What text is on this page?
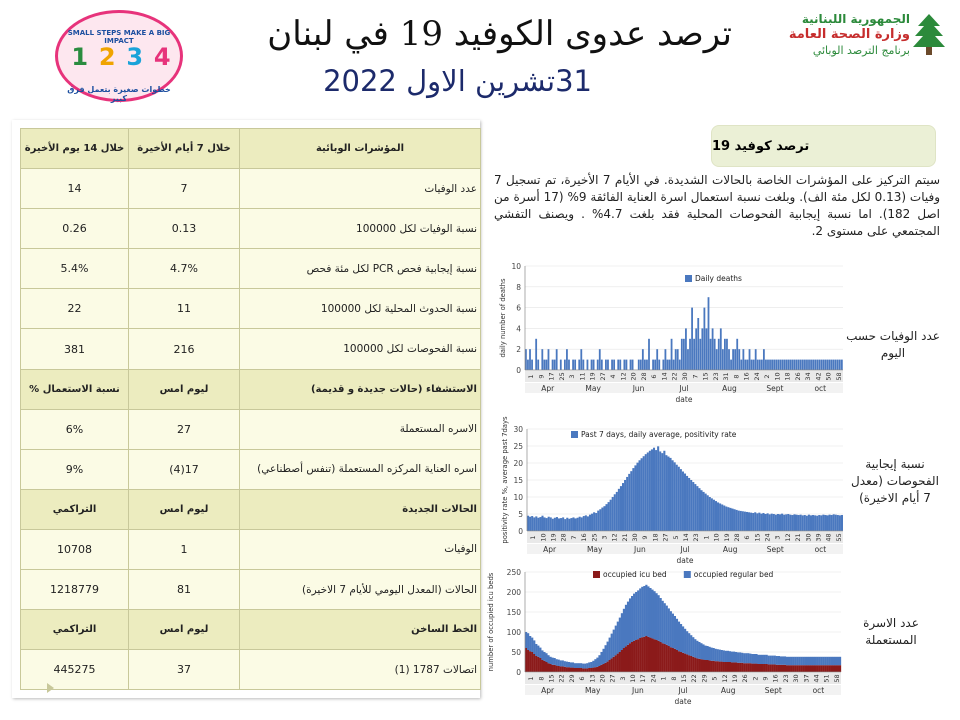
SMALL STEPS MAKE A BIG IMPACT
1 2 3 4
خطوات صغيرة بتعمل فرق كبير
ترصد عدوى الكوفيد 19 في لبنان
31تشرين الاول 2022
الجمهورية اللبنانية
وزارة الصحة العامة
برنامج الترصد الوبائي
خلال 14 يوم الأخيرة	خلال 7 أيام الأخيرة	المؤشرات الوبائية
14	7	عدد الوفيات
0.26	0.13	نسبة الوفيات لكل 100000
5.4%	4.7%	نسبة إيجابية فحص PCR لكل مئة فحص
22	11	نسبة الحدوث المحلية لكل 100000
381	216	نسبة الفحوصات لكل 100000
% نسبة الاستعمال	ليوم امس	الاستشفاء (حالات جديدة و قديمة)
6%	27	الاسره المستعملة
9%	(4)17	اسره العناية المركزه المستعملة (تنفس أصطناعي)
التراكمي	ليوم امس	الحالات الجديدة
10708	1	الوفيات
1218779	81	الحالات (المعدل اليومي للأيام 7 الاخيرة)
التراكمي	ليوم امس	الخط الساخن
445275	37	اتصالات 1787 (1)
ترصد كوفيد 19
سيتم التركيز على المؤشرات الخاصة بالحالات الشديدة. في الأيام 7 الأخيرة، تم تسجيل 7 وفيات (0.13 لكل مئة الف). وبلغت نسبة استعمال اسرة العناية الفائقة 9% (17 أسرة من اصل 182). اما نسبة إيجابية الفحوصات المحلية فقد بلغت 4.7% . ويصنف التفشي المجتمعي على مستوى 2.
0
2
4
6
8
10
1 9 17 25 3 11 19 27 4 12 20 28 6 14 22 30 7 15 23 31 8 16 24 2 10 18 26 34 42 50 58
Apr	May	Jun	Jul	Aug	Sept	oct
date
daily number of deaths	Daily deaths
0
5
10
15
20
25
30
1 10 19 28 7 16 25 3 12 21 30 9 18 27 5 14 23 1 10 19 28 6 15 24 3 12 21 30 39 48 55
Apr	May	Jun	Jul	Aug	Sept	oct
date
positivity rate %, average past 7days	Past 7 days, daily average, positivity rate
0
50
100
150
200
250
1 8 15 22 29 6 13 20 27 3 10 17 24 1 8 15 22 29 5 12 19 26 2 9 16 23 30 37 44 51 58
Apr	May	Jun	Jul	Aug	Sept	oct
date
number of occupied icu beds	occupied icu bed	occupied regular bed
عدد الوفيات حسب اليوم
نسبة إيجابية الفحوصات (معدل 7 أيام الاخيرة)
عدد الاسرة المستعملة
